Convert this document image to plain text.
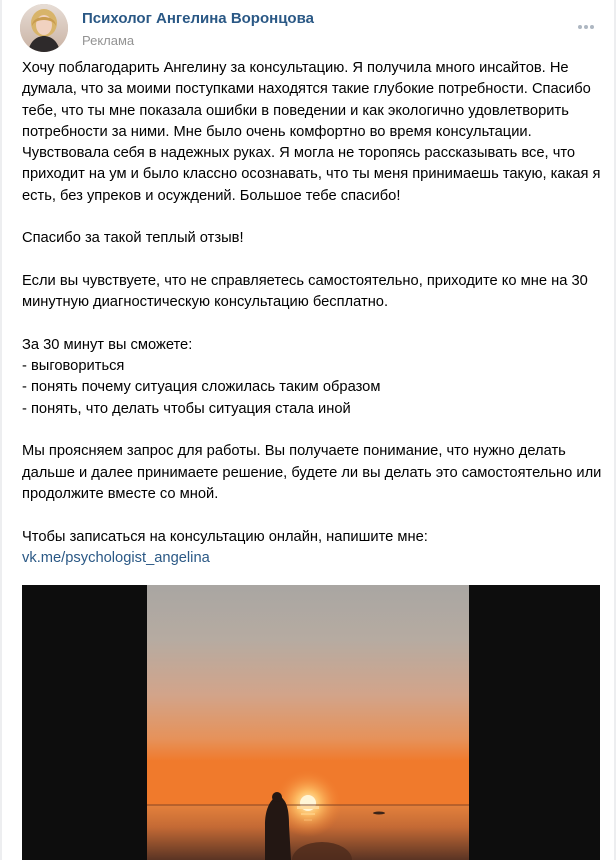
Психолог Ангелина Воронцова
Реклама

Хочу поблагодарить Ангелину за консультацию. Я получила много инсайтов. Не думала, что за моими поступками находятся такие глубокие потребности. Спасибо тебе, что ты мне показала ошибки в поведении и как экологично удовлетворить потребности за ними. Мне было очень комфортно во время консультации. Чувствовала себя в надежных руках. Я могла не торопясь рассказывать все, что приходит на ум и было классно осознавать, что ты меня принимаешь такую, какая я есть, без упреков и осуждений. Большое тебе спасибо!

Спасибо за такой теплый отзыв!

Если вы чувствуете, что не справляетесь самостоятельно, приходите ко мне на 30 минутную диагностическую консультацию бесплатно.

За 30 минут вы сможете:
- выговориться
- понять почему ситуация сложилась таким образом
- понять, что делать чтобы ситуация стала иной

Мы проясняем запрос для работы. Вы получаете понимание, что нужно делать дальше и далее принимаете решение, будете ли вы делать это самостоятельно или продолжите вместе со мной.

Чтобы записаться на консультацию онлайн, напишите мне:

vk.me/psychologist_angelina
